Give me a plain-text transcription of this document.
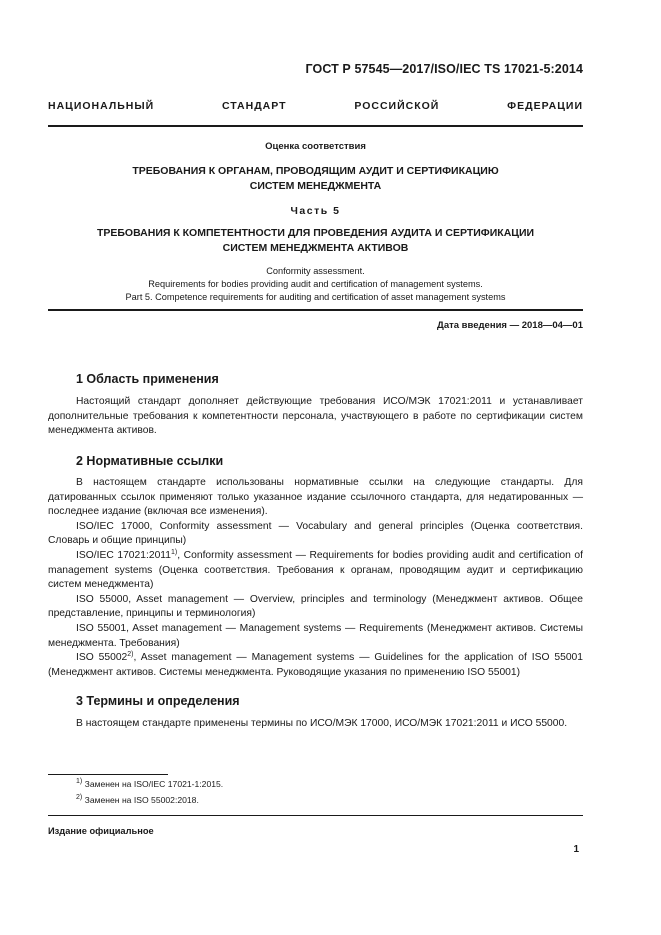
ГОСТ Р 57545—2017/ISO/IEC TS 17021-5:2014
НАЦИОНАЛЬНЫЙ СТАНДАРТ РОССИЙСКОЙ ФЕДЕРАЦИИ
Оценка соответствия
ТРЕБОВАНИЯ К ОРГАНАМ, ПРОВОДЯЩИМ АУДИТ И СЕРТИФИКАЦИЮ
СИСТЕМ МЕНЕДЖМЕНТА
Часть 5
ТРЕБОВАНИЯ К КОМПЕТЕНТНОСТИ ДЛЯ ПРОВЕДЕНИЯ АУДИТА И СЕРТИФИКАЦИИ
СИСТЕМ МЕНЕДЖМЕНТА АКТИВОВ
Conformity assessment.
Requirements for bodies providing audit and certification of management systems.
Part 5. Competence requirements for auditing and certification of asset management systems
Дата введения — 2018—04—01
1 Область применения
Настоящий стандарт дополняет действующие требования ИСО/МЭК 17021:2011 и устанавливает дополнительные требования к компетентности персонала, участвующего в работе по сертификации систем менеджмента активов.
2 Нормативные ссылки
В настоящем стандарте использованы нормативные ссылки на следующие стандарты. Для датированных ссылок применяют только указанное издание ссылочного стандарта, для недатированных — последнее издание (включая все изменения).
ISO/IEC 17000, Conformity assessment — Vocabulary and general principles (Оценка соответствия. Словарь и общие принципы)
ISO/IEC 17021:2011$^{1)}$, Conformity assessment — Requirements for bodies providing audit and certification of management systems (Оценка соответствия. Требования к органам, проводящим аудит и сертификацию систем менеджмента)
ISO 55000, Asset management — Overview, principles and terminology (Менеджмент активов. Общее представление, принципы и терминология)
ISO 55001, Asset management — Management systems — Requirements (Менеджмент активов. Системы менеджмента. Требования)
ISO 55002$^{2)}$, Asset management — Management systems — Guidelines for the application of ISO 55001 (Менеджмент активов. Системы менеджмента. Руководящие указания по применению ISO 55001)
3 Термины и определения
В настоящем стандарте применены термины по ИСО/МЭК 17000, ИСО/МЭК 17021:2011 и ИСО 55000.
$^{1)}$ Заменен на ISO/IEC 17021-1:2015.
$^{2)}$ Заменен на ISO 55002:2018.
Издание официальное
1
